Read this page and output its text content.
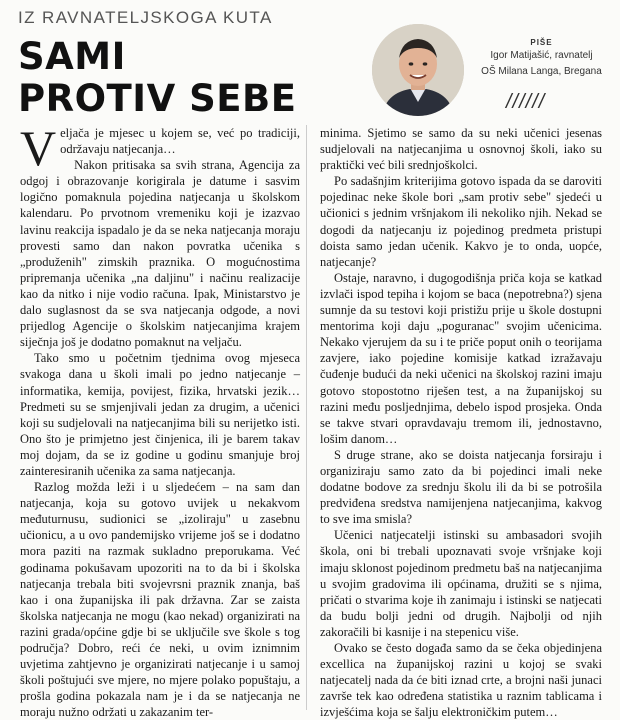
IZ RAVNATELJSKOGA KUTA
SAMI
PROTIV SEBE
PIŠE
Igor Matijašić, ravnatelj
OŠ Milana Langa, Bregana
//////

Veljača je mjesec u kojem se, već po tradiciji, održavaju natjecanja…

Nakon pritisaka sa svih strana, Agencija za odgoj i obrazovanje korigirala je datume i sasvim logično pomaknula pojedina natjecanja u školskom kalendaru. Po prvotnom vremeniku koji je izazvao lavinu reakcija ispadalo je da se neka natjecanja moraju provesti samo dan nakon povratka učenika s „produženih" zimskih praznika. O mogućnostima pripremanja učenika „na daljinu" i načinu realizacije kao da nitko i nije vodio računa. Ipak, Ministarstvo je dalo suglasnost da se sva natjecanja odgode, a novi prijedlog Agencije o školskim natjecanjima krajem siječnja još je dodatno pomaknut na veljaču.

Tako smo u početnim tjednima ovog mjeseca svakoga dana u školi imali po jedno natjecanje – informatika, kemija, povijest, fizika, hrvatski jezik… Predmeti su se smjenjivali jedan za drugim, a učenici koji su sudjelovali na natjecanjima bili su nerijetko isti. Ono što je primjetno jest činjenica, ili je barem takav moj dojam, da se iz godine u godinu smanjuje broj zainteresiranih učenika za sama natjecanja.

Razlog možda leži i u sljedećem – na sam dan natjecanja, koja su gotovo uvijek u nekakvom međuturnusu, sudionici se „izoliraju" u zasebnu učionicu, a u ovo pandemijsko vrijeme još se i dodatno mora paziti na razmak sukladno preporukama. Već godinama pokušavam upozoriti na to da bi i školska natjecanja trebala biti svojevrsni praznik znanja, baš kao i ona županijska ili pak državna. Zar se zaista školska natjecanja ne mogu (kao nekad) organizirati na razini grada/općine gdje bi se uključile sve škole s tog područja? Dobro, reći će neki, u ovim iznimnim uvjetima zahtjevno je organizirati natjecanje i u samoj školi poštujući sve mjere, no mjere polako popuštaju, a prošla godina pokazala nam je i da se natjecanja ne moraju nužno održati u zakazanim ter-

minima. Sjetimo se samo da su neki učenici jesenas sudjelovali na natjecanjima u osnovnoj školi, iako su praktički već bili srednjoškolci.

Po sadašnjim kriterijima gotovo ispada da se daroviti pojedinac neke škole bori „sam protiv sebe" sjedeći u učionici s jednim vršnjakom ili nekoliko njih. Nekad se dogodi da natjecanju iz pojedinog predmeta pristupi doista samo jedan učenik. Kakvo je to onda, uopće, natjecanje?

Ostaje, naravno, i dugogodišnja priča koja se katkad izvlači ispod tepiha i kojom se baca (nepotrebna?) sjena sumnje da su testovi koji pristižu prije u škole dostupni mentorima koji daju „poguranac" svojim učenicima. Nekako vjerujem da su i te priče poput onih o teorijama zavjere, iako pojedine komisije katkad izražavaju čuđenje budući da neki učenici na školskoj razini imaju gotovo stopostotno riješen test, a na županijskoj su razini među posljednjima, debelo ispod prosjeka. Onda se takve stvari opravdavaju tremom ili, jednostavno, lošim danom…

S druge strane, ako se doista natjecanja forsiraju i organiziraju samo zato da bi pojedinci imali neke dodatne bodove za srednju školu ili da bi se potrošila predviđena sredstva namijenjena natjecanjima, kakvog to sve ima smisla?

Učenici natjecatelji istinski su ambasadori svojih škola, oni bi trebali upoznavati svoje vršnjake koji imaju sklonost pojedinom predmetu baš na natjecanjima u svojim gradovima ili općinama, družiti se s njima, pričati o stvarima koje ih zanimaju i istinski se natjecati da budu bolji jedni od drugih. Najbolji od njih zakoračili bi kasnije i na stepenicu više.

Ovako se često događa samo da se čeka objedinjena excellica na županijskoj razini u kojoj se svaki natjecatelj nada da će biti iznad crte, a brojni naši junaci završe tek kao određena statistika u raznim tablicama i izvješćima koja se šalju elektroničkim putem…
